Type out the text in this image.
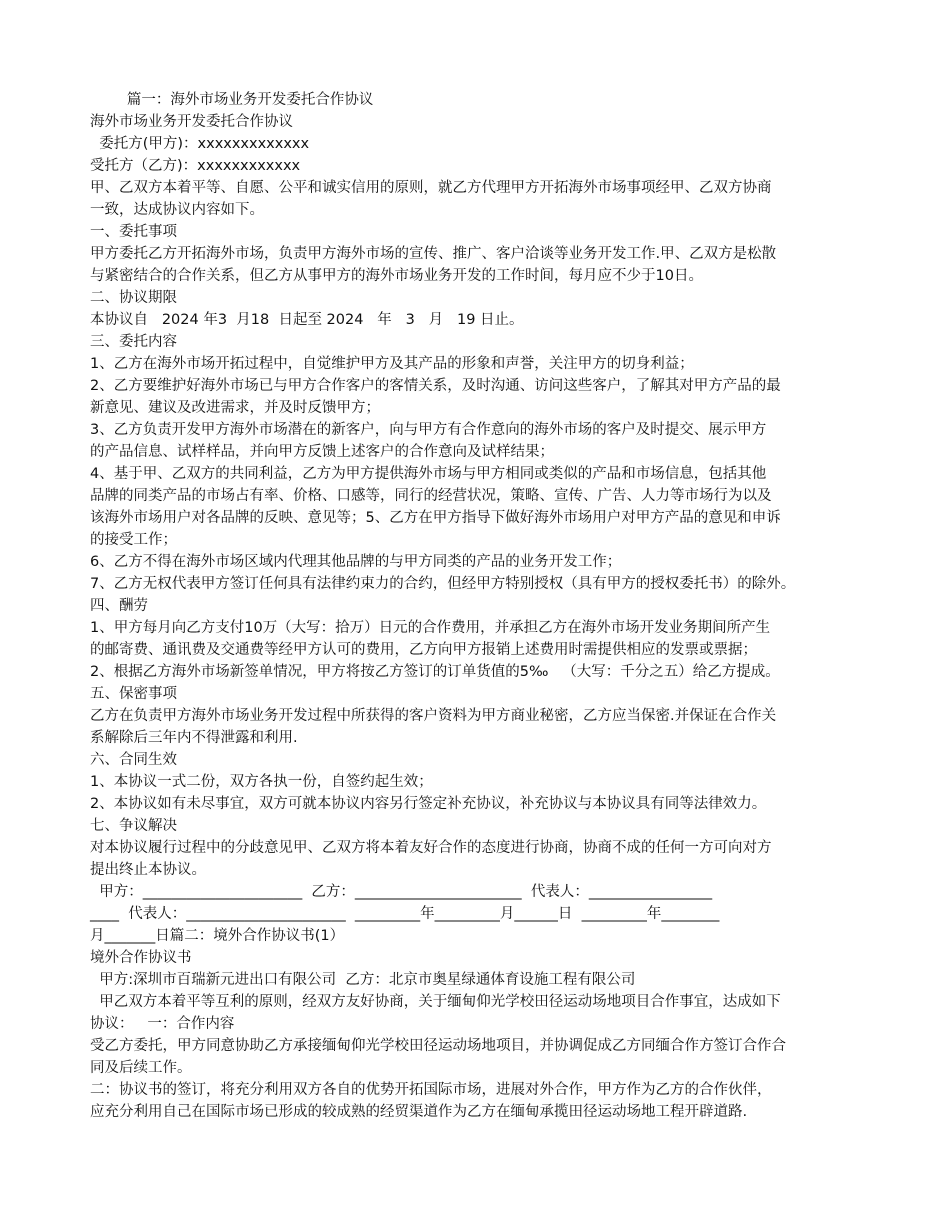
篇一：海外市场业务开发委托合作协议
海外市场业务开发委托合作协议
委托方(甲方)：xxxxxxxxxxxxx
受托方（乙方)：xxxxxxxxxxxx
甲、乙双方本着平等、自愿、公平和诚实信用的原则，就乙方代理甲方开拓海外市场事项经甲、乙双方协商
一致，达成协议内容如下。
一、委托事项
甲方委托乙方开拓海外市场，负责甲方海外市场的宣传、推广、客户洽谈等业务开发工作.甲、乙双方是松散
与紧密结合的合作关系，但乙方从事甲方的海外市场业务开发的工作时间，每月应不少于10日。
二、协议期限
本协议自   2024 年3  月18  日起至 2024   年   3   月   19 日止。
三、委托内容
1、乙方在海外市场开拓过程中，自觉维护甲方及其产品的形象和声誉，关注甲方的切身利益；
2、乙方要维护好海外市场已与甲方合作客户的客情关系，及时沟通、访问这些客户，了解其对甲方产品的最
新意见、建议及改进需求，并及时反馈甲方；
3、乙方负责开发甲方海外市场潜在的新客户，向与甲方有合作意向的海外市场的客户及时提交、展示甲方
的产品信息、试样样品，并向甲方反馈上述客户的合作意向及试样结果；
4、基于甲、乙双方的共同利益，乙方为甲方提供海外市场与甲方相同或类似的产品和市场信息，包括其他
品牌的同类产品的市场占有率、价格、口感等，同行的经营状况，策略、宣传、广告、人力等市场行为以及
该海外市场用户对各品牌的反映、意见等；5、乙方在甲方指导下做好海外市场用户对甲方产品的意见和申诉
的接受工作；
6、乙方不得在海外市场区域内代理其他品牌的与甲方同类的产品的业务开发工作；
7、乙方无权代表甲方签订任何具有法律约束力的合约，但经甲方特别授权（具有甲方的授权委托书）的除外。
四、酬劳
1、甲方每月向乙方支付10万（大写：拾万）日元的合作费用，并承担乙方在海外市场开发业务期间所产生
的邮寄费、通讯费及交通费等经甲方认可的费用，乙方向甲方报销上述费用时需提供相应的发票或票据；
2、根据乙方海外市场新签单情况，甲方将按乙方签订的订单货值的5‰   （大写：千分之五）给乙方提成。
五、保密事项
乙方在负责甲方海外市场业务开发过程中所获得的客户资料为甲方商业秘密，乙方应当保密.并保证在合作关
系解除后三年内不得泄露和利用.
六、合同生效
1、本协议一式二份，双方各执一份，自签约起生效；
2、本协议如有未尽事宜，双方可就本协议内容另行签定补充协议，补充协议与本协议具有同等法律效力。
七、争议解决
对本协议履行过程中的分歧意见甲、乙双方将本着友好合作的态度进行协商，协商不成的任何一方可向对方
提出终止本协议。
甲方：______________________  乙方：_______________________  代表人：_________________
____  代表人：______________________  _________年_________月______日  _________年________
月_______日篇二：境外合作协议书(1）
境外合作协议书
甲方:深圳市百瑞新元进出口有限公司  乙方：北京市奥星绿通体育设施工程有限公司
甲乙双方本着平等互利的原则，经双方友好协商，关于缅甸仰光学校田径运动场地项目合作事宜，达成如下
协议：   一：合作内容
受乙方委托，甲方同意协助乙方承接缅甸仰光学校田径运动场地项目，并协调促成乙方同缅合作方签订合作合
同及后续工作。
二：协议书的签订，将充分利用双方各自的优势开拓国际市场，进展对外合作，甲方作为乙方的合作伙伴，
应充分利用自己在国际市场已形成的较成熟的经贸渠道作为乙方在缅甸承揽田径运动场地工程开辟道路.
